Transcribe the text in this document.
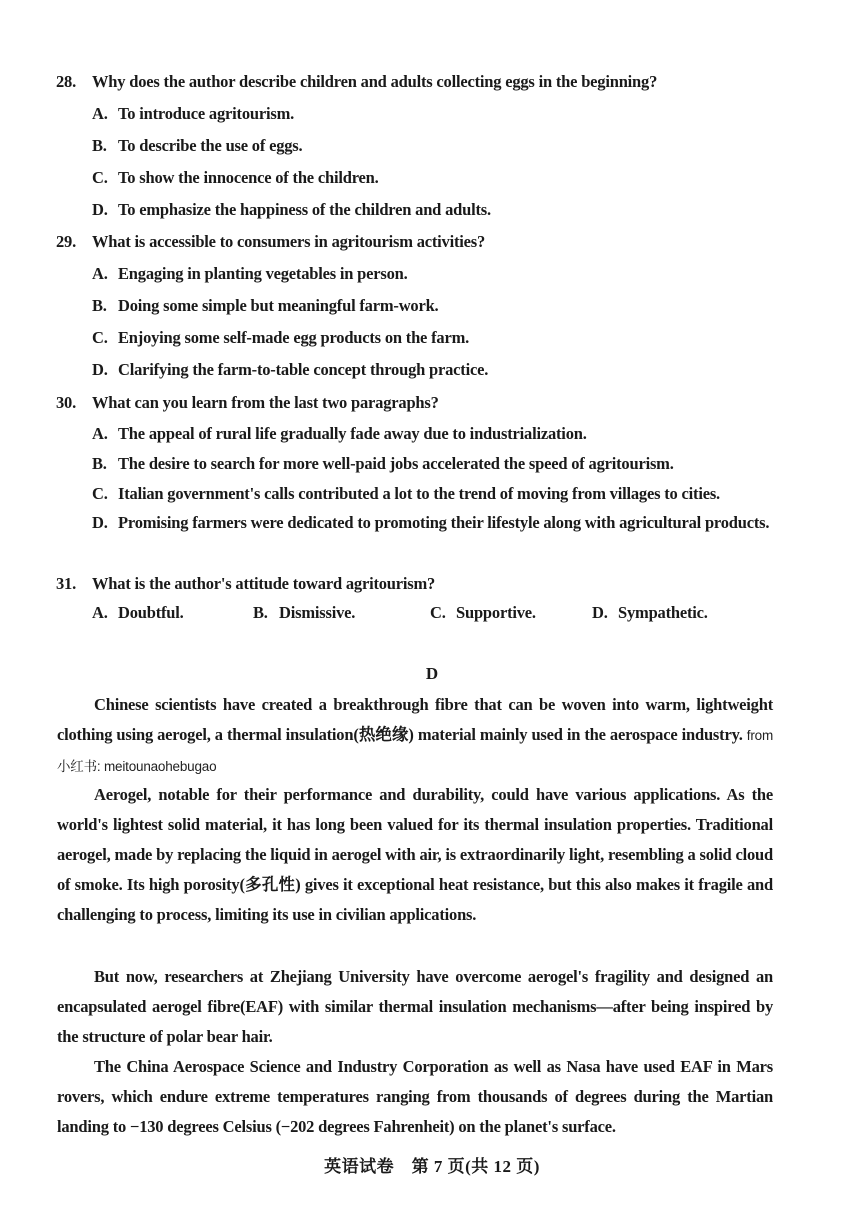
28. Why does the author describe children and adults collecting eggs in the beginning?
A. To introduce agritourism.
B. To describe the use of eggs.
C. To show the innocence of the children.
D. To emphasize the happiness of the children and adults.
29. What is accessible to consumers in agritourism activities?
A. Engaging in planting vegetables in person.
B. Doing some simple but meaningful farm-work.
C. Enjoying some self-made egg products on the farm.
D. Clarifying the farm-to-table concept through practice.
30. What can you learn from the last two paragraphs?
A. The appeal of rural life gradually fade away due to industrialization.
B. The desire to search for more well-paid jobs accelerated the speed of agritourism.
C. Italian government's calls contributed a lot to the trend of moving from villages to cities.
D. Promising farmers were dedicated to promoting their lifestyle along with agricultural products.
31. What is the author's attitude toward agritourism?
A. Doubtful.	B. Dismissive.	C. Supportive.	D. Sympathetic.
D
Chinese scientists have created a breakthrough fibre that can be woven into warm, lightweight clothing using aerogel, a thermal insulation(热绝缘) material mainly used in the aerospace industry. from小红书: meitounaohebugao
Aerogel, notable for their performance and durability, could have various applications. As the world's lightest solid material, it has long been valued for its thermal insulation properties. Traditional aerogel, made by replacing the liquid in aerogel with air, is extraordinarily light, resembling a solid cloud of smoke. Its high porosity(多孔性) gives it exceptional heat resistance, but this also makes it fragile and challenging to process, limiting its use in civilian applications.
But now, researchers at Zhejiang University have overcome aerogel's fragility and designed an encapsulated aerogel fibre(EAF) with similar thermal insulation mechanisms—after being inspired by the structure of polar bear hair.
The China Aerospace Science and Industry Corporation as well as Nasa have used EAF in Mars rovers, which endure extreme temperatures ranging from thousands of degrees during the Martian landing to −130 degrees Celsius (−202 degrees Fahrenheit) on the planet's surface.
英语试卷　第 7 页(共 12 页)
